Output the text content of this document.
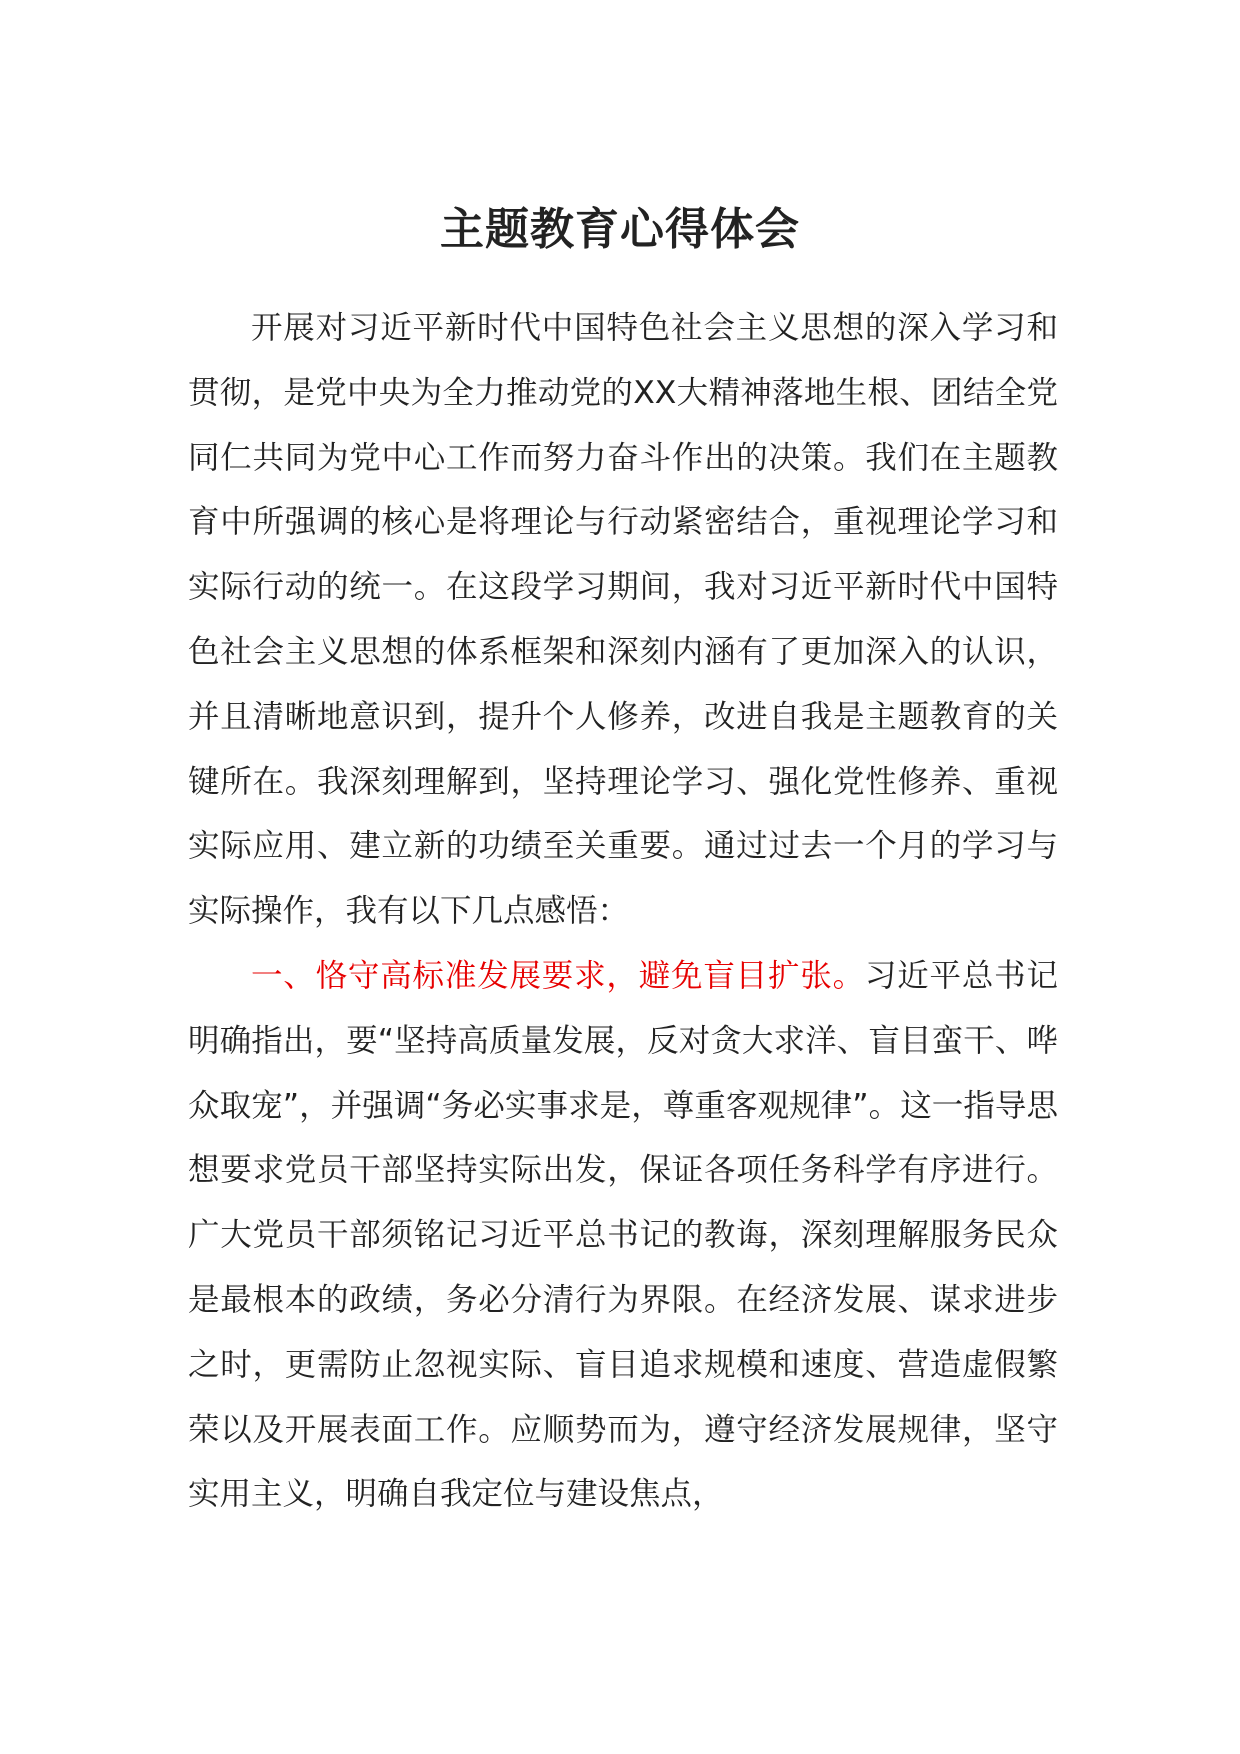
主题教育心得体会

开展对习近平新时代中国特色社会主义思想的深入学习和贯彻，是党中央为全力推动党的XX大精神落地生根、团结全党同仁共同为党中心工作而努力奋斗作出的决策。我们在主题教育中所强调的核心是将理论与行动紧密结合，重视理论学习和实际行动的统一。在这段学习期间，我对习近平新时代中国特色社会主义思想的体系框架和深刻内涵有了更加深入的认识，并且清晰地意识到，提升个人修养，改进自我是主题教育的关键所在。我深刻理解到，坚持理论学习、强化党性修养、重视实际应用、建立新的功绩至关重要。通过过去一个月的学习与实际操作，我有以下几点感悟：

一、恪守高标准发展要求，避免盲目扩张。习近平总书记明确指出，要“坚持高质量发展，反对贪大求洋、盲目蛮干、哗众取宠”，并强调“务必实事求是，尊重客观规律”。这一指导思想要求党员干部坚持实际出发，保证各项任务科学有序进行。广大党员干部须铭记习近平总书记的教诲，深刻理解服务民众是最根本的政绩，务必分清行为界限。在经济发展、谋求进步之时，更需防止忽视实际、盲目追求规模和速度、营造虚假繁荣以及开展表面工作。应顺势而为，遵守经济发展规律，坚守实用主义，明确自我定位与建设焦点，
